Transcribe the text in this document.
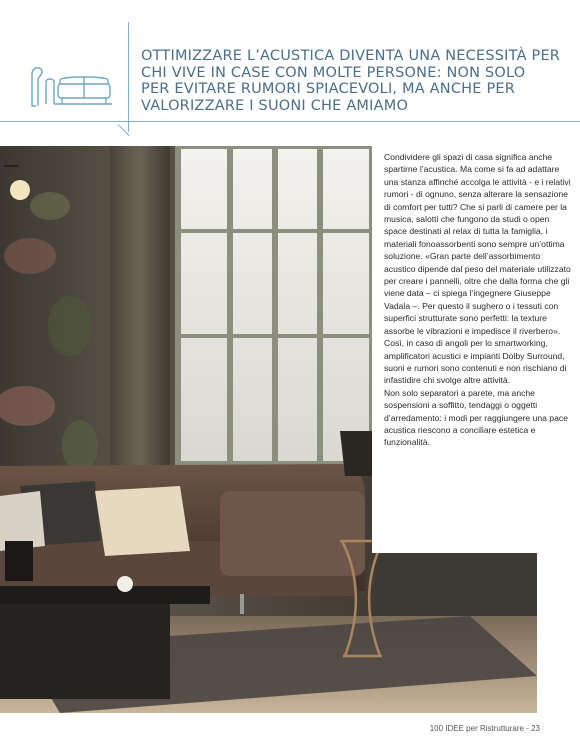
OTTIMIZZARE L’ACUSTICA DIVENTA UNA NECESSITÀ PER
CHI VIVE IN CASE CON MOLTE PERSONE: NON SOLO
PER EVITARE RUMORI SPIACEVOLI, MA ANCHE PER
VALORIZZARE I SUONI CHE AMIAMO
Condividere gli spazi di casa significa anche spartirne l’acustica. Ma come si fa ad adattare una stanza affinché accolga le attività - e i relativi rumori - di ognuno, senza alterare la sensazione di comfort per tutti? Che si parli di camere per la musica, salotti che fungono da studi o open space destinati al relax di tutta la famiglia, i materiali fonoassorbenti sono sempre un’ottima soluzione. «Gran parte dell’assorbimento acustico dipende dal peso del materiale utilizzato per creare i pannelli, oltre che dalla forma che gli viene data – ci spiega l’ingegnere Giuseppe Vadala –. Per questo il sughero o i tessuti con superfici strutturate sono perfetti: la texture assorbe le vibrazioni e impedisce il riverbero». Così, in caso di angoli per lo smartworking, amplificatori acustici e impianti Dolby Surround, suoni e rumori sono contenuti e non rischiano di infastidire chi svolge altre attività.
Non solo separatori a parete, ma anche sospensioni a soffitto, tendaggi o oggetti d’arredamento: i modi per raggiungere una pace acustica riescono a conciliare estetica e funzionalità.
100 IDEE per Ristrutturare - 23
